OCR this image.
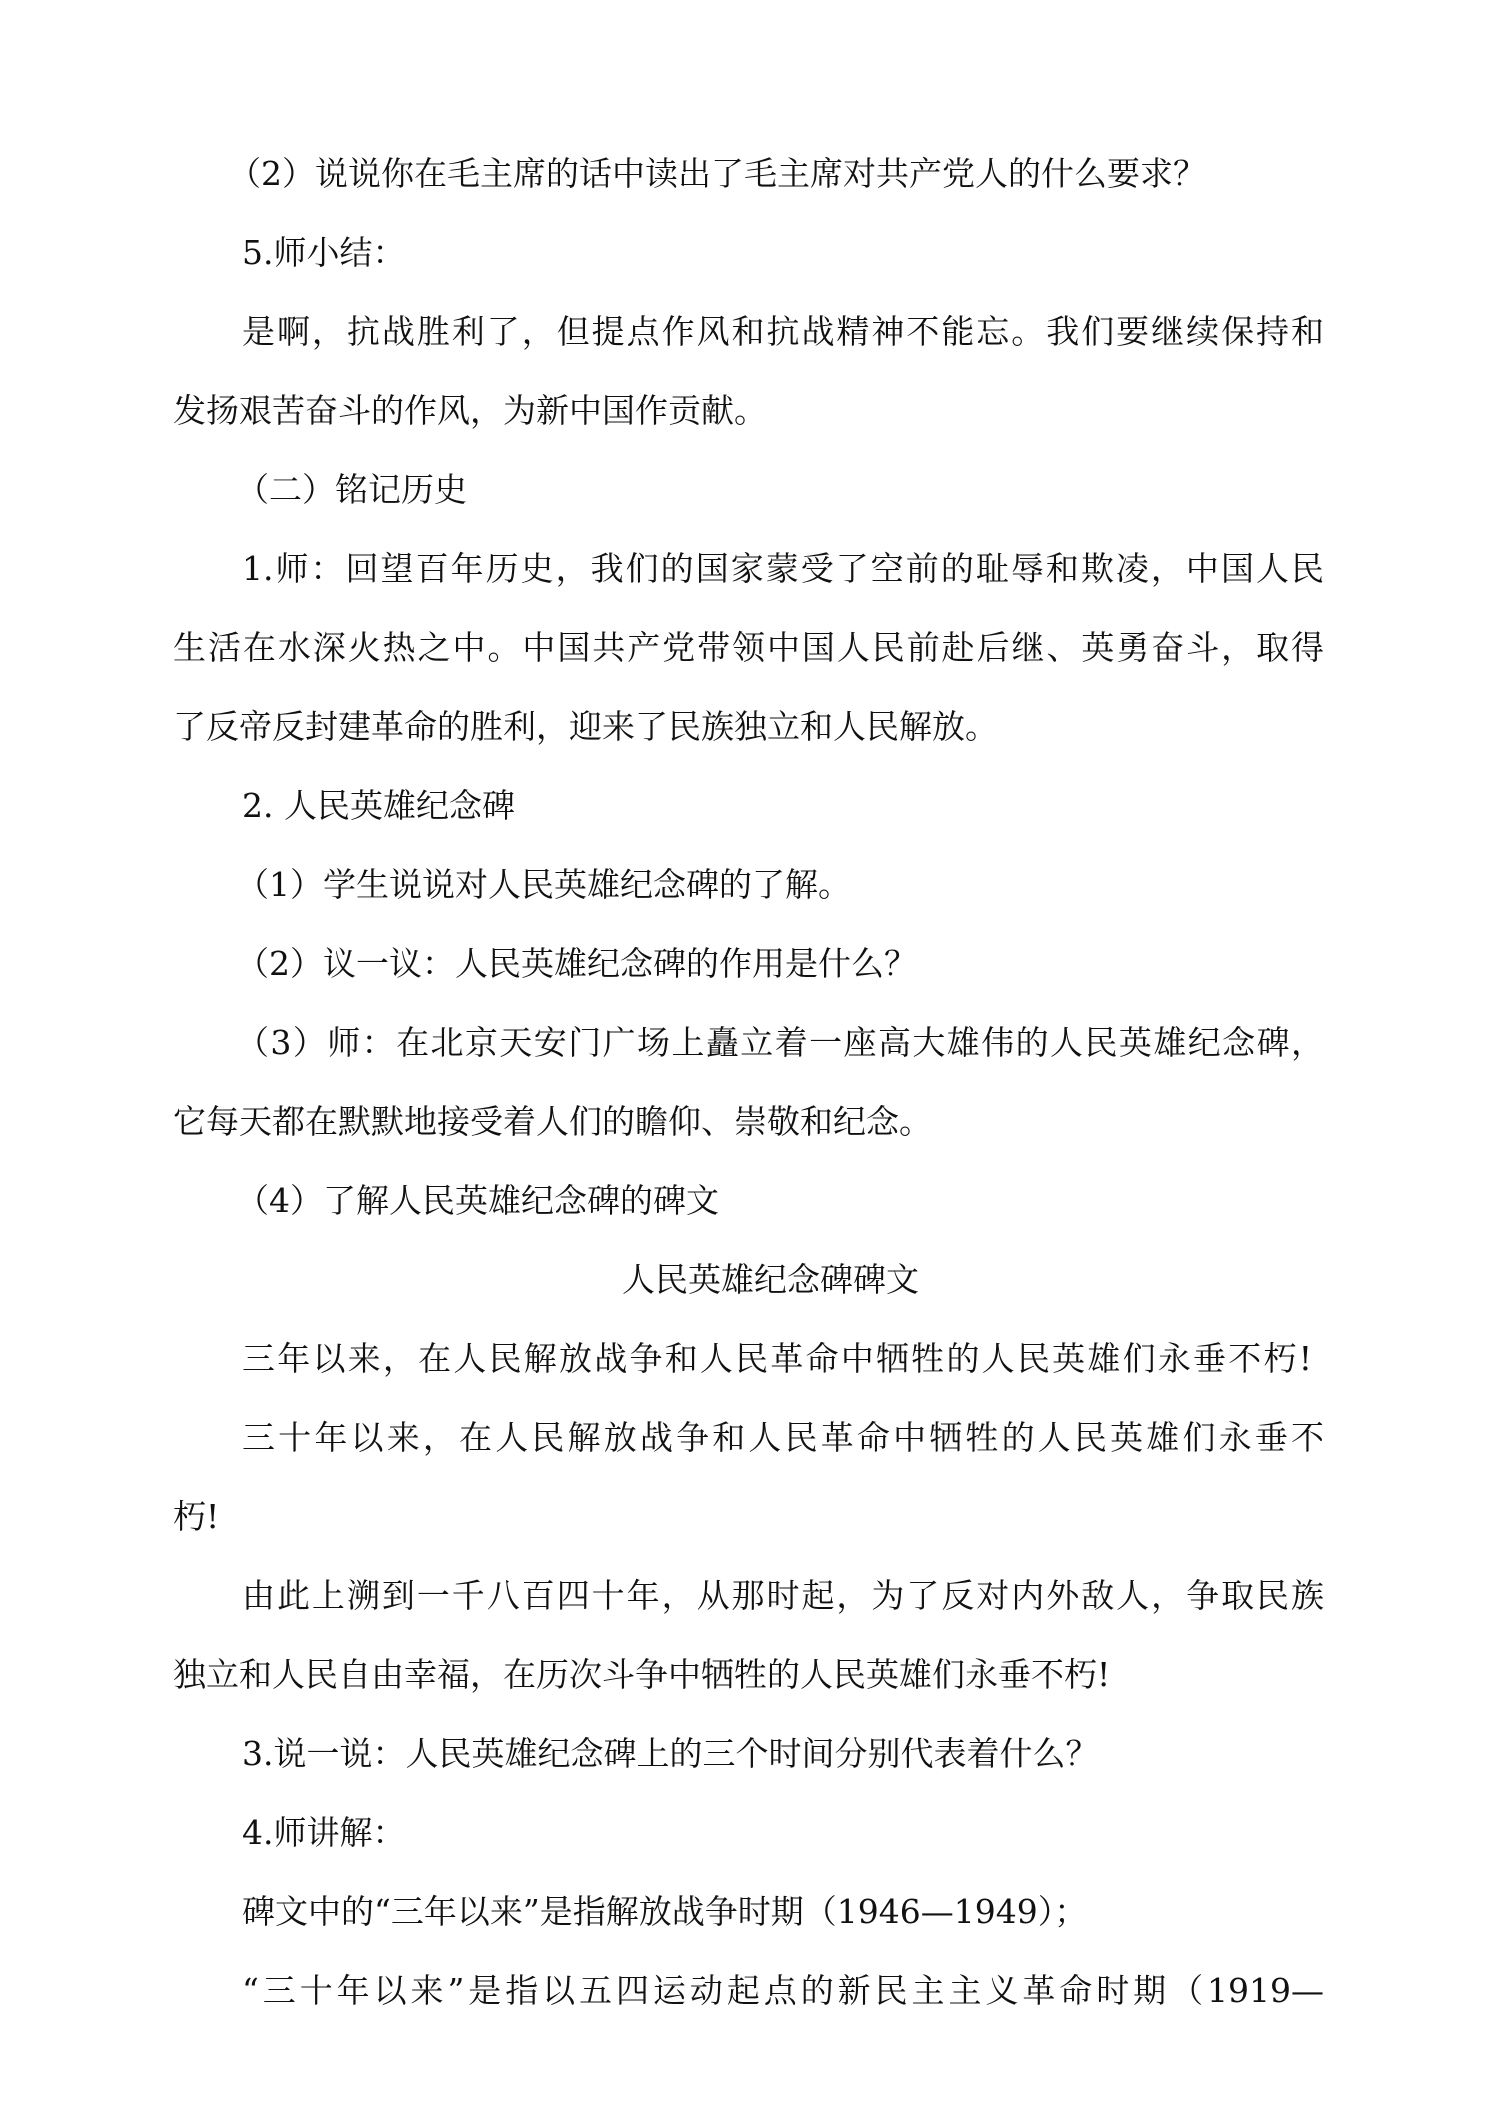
（2）说说你在毛主席的话中读出了毛主席对共产党人的什么要求？

5.师小结：

是啊，抗战胜利了，但提点作风和抗战精神不能忘。我们要继续保持和

发扬艰苦奋斗的作风，为新中国作贡献。

（二）铭记历史

1.师：回望百年历史，我们的国家蒙受了空前的耻辱和欺凌，中国人民

生活在水深火热之中。中国共产党带领中国人民前赴后继、英勇奋斗，取得

了反帝反封建革命的胜利，迎来了民族独立和人民解放。

2. 人民英雄纪念碑

（1）学生说说对人民英雄纪念碑的了解。

（2）议一议：人民英雄纪念碑的作用是什么？

（3）师：在北京天安门广场上矗立着一座高大雄伟的人民英雄纪念碑，

它每天都在默默地接受着人们的瞻仰、崇敬和纪念。

（4）了解人民英雄纪念碑的碑文

人民英雄纪念碑碑文

三年以来，在人民解放战争和人民革命中牺牲的人民英雄们永垂不朽!

三十年以来，在人民解放战争和人民革命中牺牲的人民英雄们永垂不

朽!

由此上溯到一千八百四十年，从那时起，为了反对内外敌人，争取民族

独立和人民自由幸福，在历次斗争中牺牲的人民英雄们永垂不朽!

3.说一说：人民英雄纪念碑上的三个时间分别代表着什么？

4.师讲解：

碑文中的“三年以来”是指解放战争时期（1946—1949）；

“三十年以来”是指以五四运动起点的新民主主义革命时期（1919—
